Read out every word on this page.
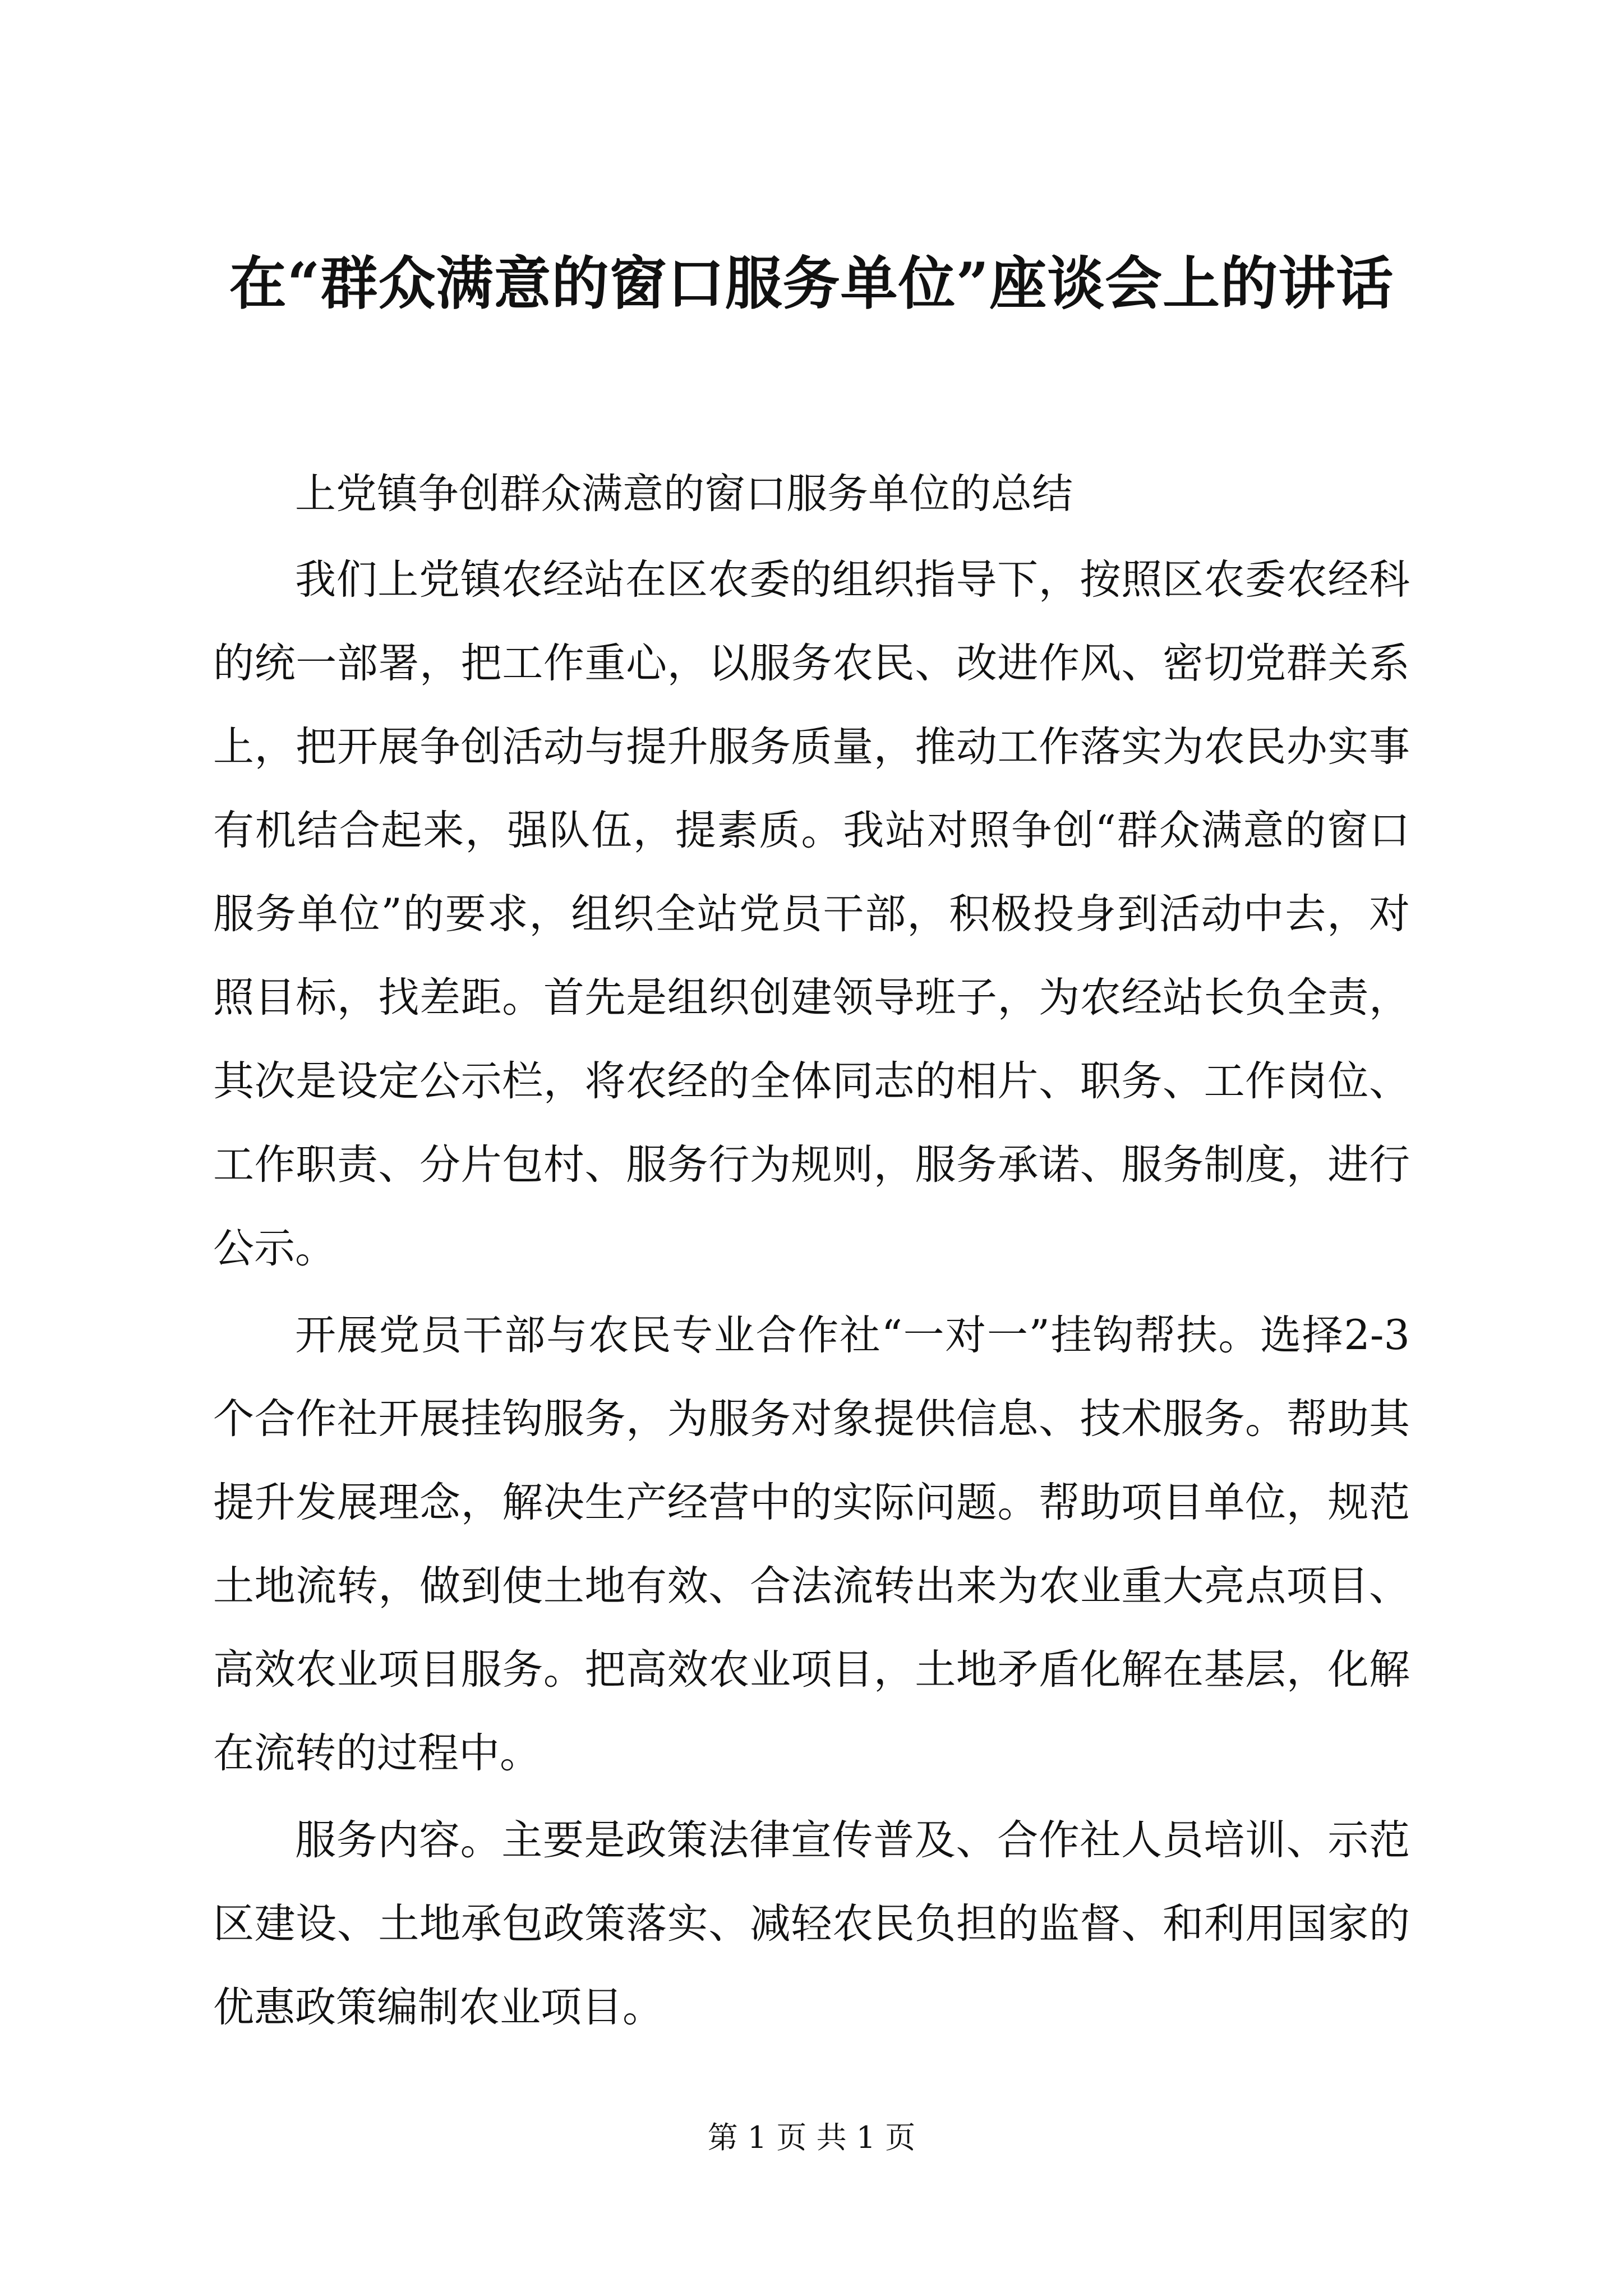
在“群众满意的窗口服务单位”座谈会上的讲话

上党镇争创群众满意的窗口服务单位的总结

我们上党镇农经站在区农委的组织指导下，按照区农委农经科的统一部署，把工作重心，以服务农民、改进作风、密切党群关系上，把开展争创活动与提升服务质量，推动工作落实为农民办实事有机结合起来，强队伍，提素质。我站对照争创“群众满意的窗口服务单位”的要求，组织全站党员干部，积极投身到活动中去，对照目标，找差距。首先是组织创建领导班子，为农经站长负全责，其次是设定公示栏，将农经的全体同志的相片、职务、工作岗位、工作职责、分片包村、服务行为规则，服务承诺、服务制度，进行公示。

开展党员干部与农民专业合作社“一对一”挂钩帮扶。选择2-3个合作社开展挂钩服务，为服务对象提供信息、技术服务。帮助其提升发展理念，解决生产经营中的实际问题。帮助项目单位，规范土地流转，做到使土地有效、合法流转出来为农业重大亮点项目、高效农业项目服务。把高效农业项目，土地矛盾化解在基层，化解在流转的过程中。

服务内容。主要是政策法律宣传普及、合作社人员培训、示范区建设、土地承包政策落实、减轻农民负担的监督、和利用国家的优惠政策编制农业项目。

第 1 页 共 1 页
